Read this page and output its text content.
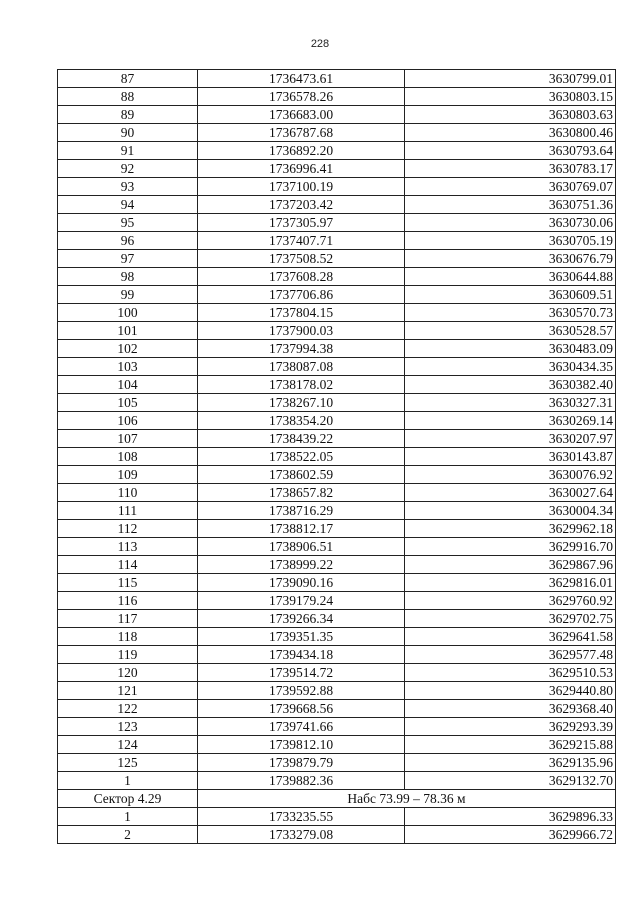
228
87	1736473.61	3630799.01
88	1736578.26	3630803.15
89	1736683.00	3630803.63
90	1736787.68	3630800.46
91	1736892.20	3630793.64
92	1736996.41	3630783.17
93	1737100.19	3630769.07
94	1737203.42	3630751.36
95	1737305.97	3630730.06
96	1737407.71	3630705.19
97	1737508.52	3630676.79
98	1737608.28	3630644.88
99	1737706.86	3630609.51
100	1737804.15	3630570.73
101	1737900.03	3630528.57
102	1737994.38	3630483.09
103	1738087.08	3630434.35
104	1738178.02	3630382.40
105	1738267.10	3630327.31
106	1738354.20	3630269.14
107	1738439.22	3630207.97
108	1738522.05	3630143.87
109	1738602.59	3630076.92
110	1738657.82	3630027.64
111	1738716.29	3630004.34
112	1738812.17	3629962.18
113	1738906.51	3629916.70
114	1738999.22	3629867.96
115	1739090.16	3629816.01
116	1739179.24	3629760.92
117	1739266.34	3629702.75
118	1739351.35	3629641.58
119	1739434.18	3629577.48
120	1739514.72	3629510.53
121	1739592.88	3629440.80
122	1739668.56	3629368.40
123	1739741.66	3629293.39
124	1739812.10	3629215.88
125	1739879.79	3629135.96
1	1739882.36	3629132.70
Сектор 4.29	Набс 73.99 – 78.36 м	
1	1733235.55	3629896.33
2	1733279.08	3629966.72
